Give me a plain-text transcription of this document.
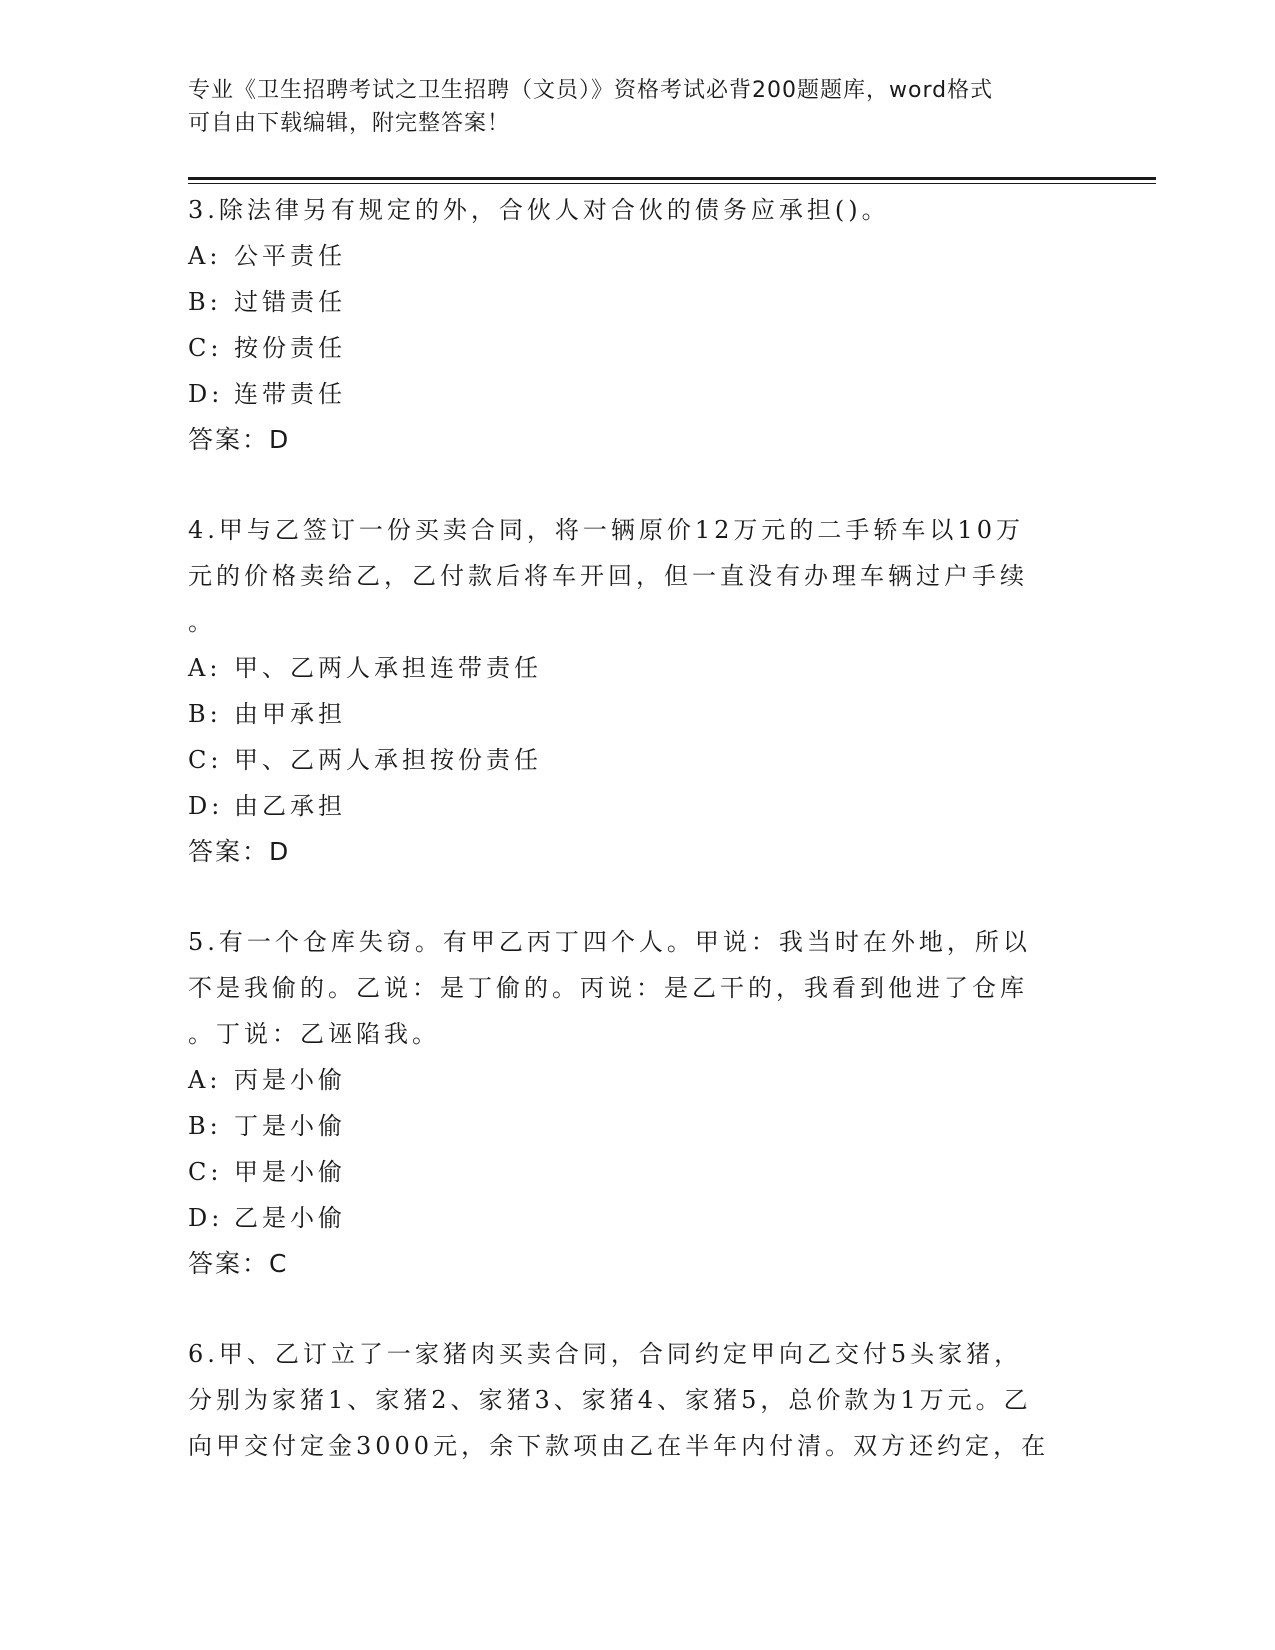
专业《卫生招聘考试之卫生招聘（文员）》资格考试必背200题题库，word格式
可自由下载编辑，附完整答案！
3.除法律另有规定的外，合伙人对合伙的债务应承担()。
A: 公平责任
B: 过错责任
C: 按份责任
D: 连带责任
答案：D
4.甲与乙签订一份买卖合同，将一辆原价12万元的二手轿车以10万
元的价格卖给乙，乙付款后将车开回，但一直没有办理车辆过户手续
。
A: 甲、乙两人承担连带责任
B: 由甲承担
C: 甲、乙两人承担按份责任
D: 由乙承担
答案：D
5.有一个仓库失窃。有甲乙丙丁四个人。甲说：我当时在外地，所以
不是我偷的。乙说：是丁偷的。丙说：是乙干的，我看到他进了仓库
。丁说：乙诬陷我。
A: 丙是小偷
B: 丁是小偷
C: 甲是小偷
D: 乙是小偷
答案：C
6.甲、乙订立了一家猪肉买卖合同，合同约定甲向乙交付5头家猪，
分别为家猪1、家猪2、家猪3、家猪4、家猪5，总价款为1万元。乙
向甲交付定金3000元，余下款项由乙在半年内付清。双方还约定，在
